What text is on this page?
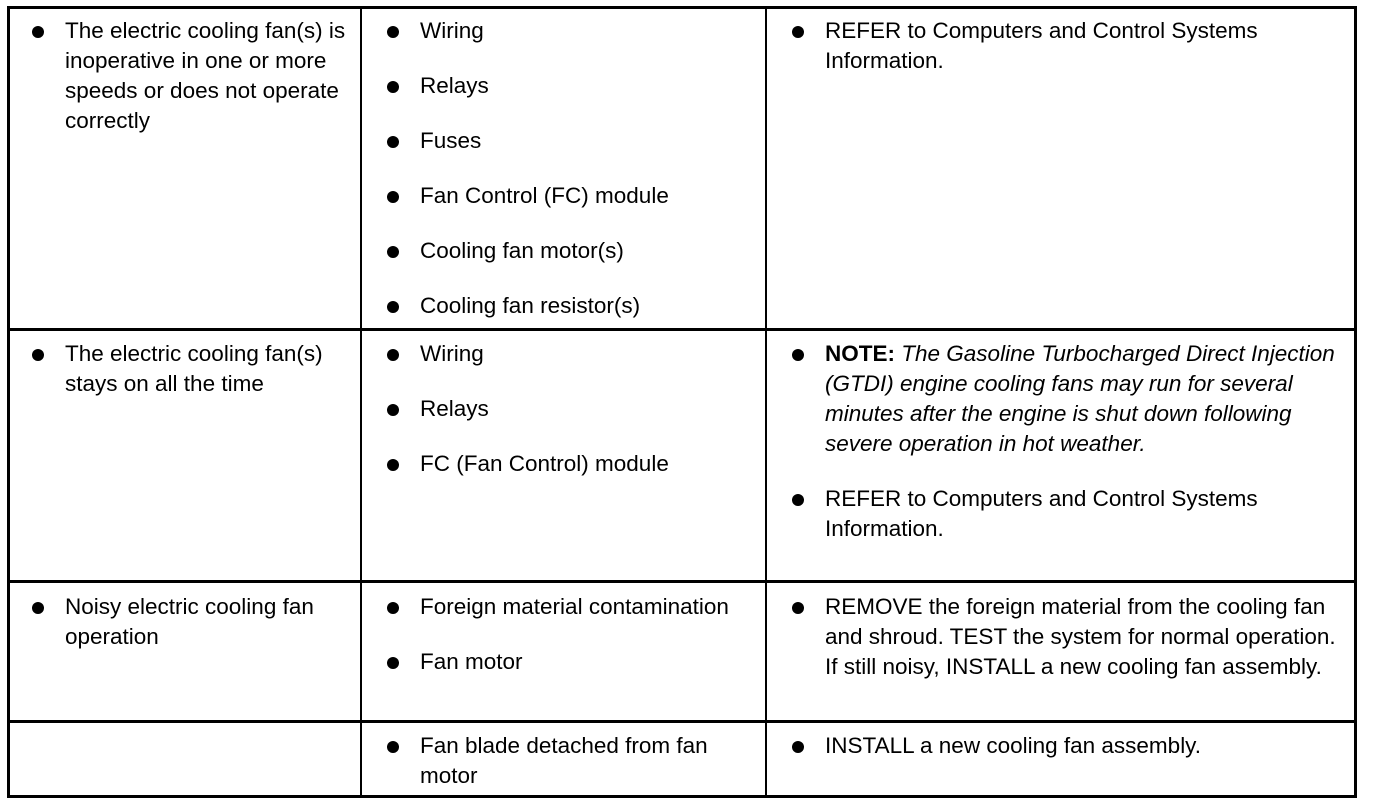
The electric cooling fan(s) is inoperative in one or more speeds or does not operate correctly
Wiring
Relays
Fuses
Fan Control (FC) module
Cooling fan motor(s)
Cooling fan resistor(s)
REFER to Computers and Control Systems Information.
The electric cooling fan(s) stays on all the time
Wiring
Relays
FC (Fan Control) module
NOTE: The Gasoline Turbocharged Direct Injection (GTDI) engine cooling fans may run for several minutes after the engine is shut down following severe operation in hot weather.
REFER to Computers and Control Systems Information.
Noisy electric cooling fan operation
Foreign material contamination
Fan motor
REMOVE the foreign material from the cooling fan and shroud. TEST the system for normal operation. If still noisy, INSTALL a new cooling fan assembly.
Fan blade detached from fan motor
INSTALL a new cooling fan assembly.
